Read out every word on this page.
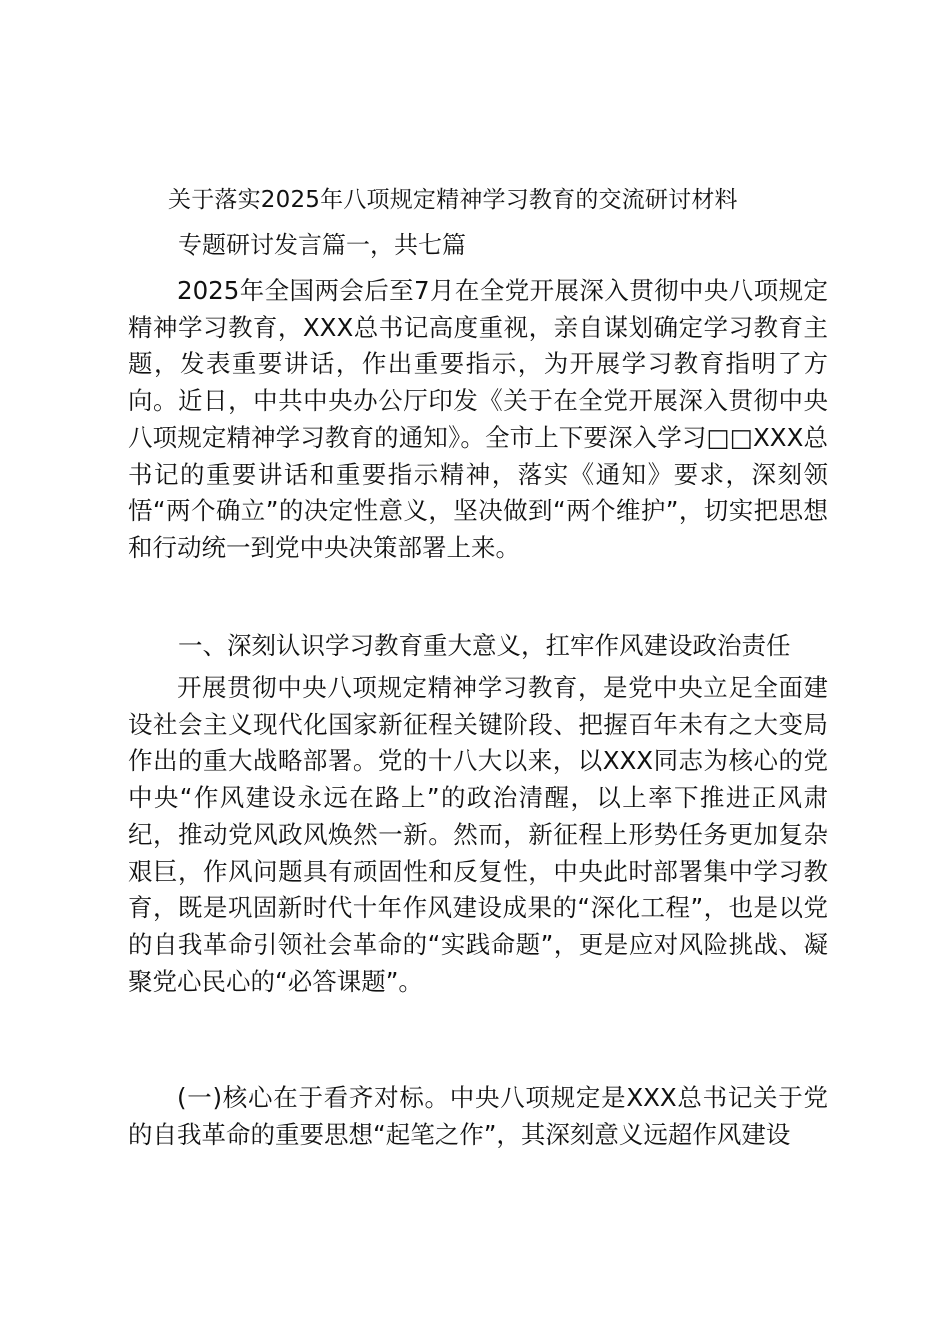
关于落实2025年八项规定精神学习教育的交流研讨材料
专题研讨发言篇一，共七篇

2025年全国两会后至7月在全党开展深入贯彻中央八项规定精神学习教育，XXX总书记高度重视，亲自谋划确定学习教育主题，发表重要讲话，作出重要指示，为开展学习教育指明了方向。近日，中共中央办公厅印发《关于在全党开展深入贯彻中央八项规定精神学习教育的通知》。全市上下要深入学习□□XXX总书记的重要讲话和重要指示精神，落实《通知》要求，深刻领悟“两个确立”的决定性意义，坚决做到“两个维护”，切实把思想和行动统一到党中央决策部署上来。

一、深刻认识学习教育重大意义，扛牢作风建设政治责任

开展贯彻中央八项规定精神学习教育，是党中央立足全面建设社会主义现代化国家新征程关键阶段、把握百年未有之大变局作出的重大战略部署。党的十八大以来，以XXX同志为核心的党中央“作风建设永远在路上”的政治清醒，以上率下推进正风肃纪，推动党风政风焕然一新。然而，新征程上形势任务更加复杂艰巨，作风问题具有顽固性和反复性，中央此时部署集中学习教育，既是巩固新时代十年作风建设成果的“深化工程”，也是以党的自我革命引领社会革命的“实践命题”，更是应对风险挑战、凝聚党心民心的“必答课题”。

(一)核心在于看齐对标。中央八项规定是XXX总书记关于党的自我革命的重要思想“起笔之作”，其深刻意义远超作风建设
